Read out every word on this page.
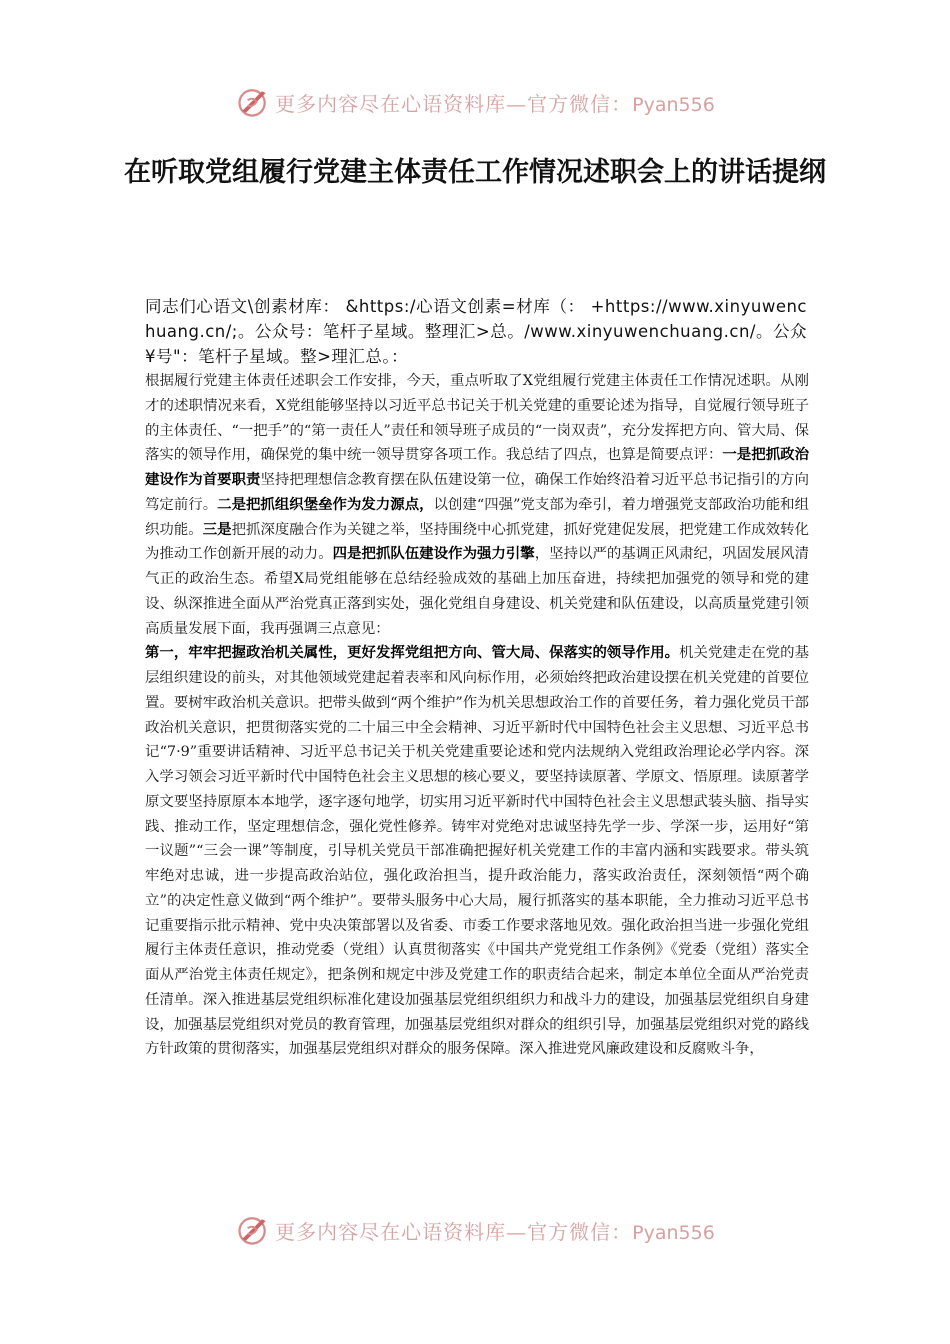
更多内容尽在心语资料库—官方微信：Pyan556
在听取党组履行党建主体责任工作情况述职会上的讲话提纲
同志们心语文\创素材库： &https:/心语文创素=材库（： +https://www.xinyuwenchuang.cn/;。公众号：笔杆子星域。整理汇>总。/www.xinyuwenchuang.cn/。公众¥号"：笔杆子星域。整>理汇总。：

根据履行党建主体责任述职会工作安排，今天，重点听取了X党组履行党建主体责任工作情况述职。从刚才的述职情况来看，X党组能够坚持以习近平总书记关于机关党建的重要论述为指导，自觉履行领导班子的主体责任、“一把手”的“第一责任人”责任和领导班子成员的“一岗双责”，充分发挥把方向、管大局、保落实的领导作用，确保党的集中统一领导贯穿各项工作。我总结了四点，也算是简要点评：一是把抓政治建设作为首要职责坚持把理想信念教育摆在队伍建设第一位，确保工作始终沿着习近平总书记指引的方向笃定前行。二是把抓组织堡垒作为发力源点，以创建“四强”党支部为牵引，着力增强党支部政治功能和组织功能。三是把抓深度融合作为关键之举，坚持围绕中心抓党建，抓好党建促发展，把党建工作成效转化为推动工作创新开展的动力。四是把抓队伍建设作为强力引擎，坚持以严的基调正风肃纪，巩固发展风清气正的政治生态。希望X局党组能够在总结经验成效的基础上加压奋进，持续把加强党的领导和党的建设、纵深推进全面从严治党真正落到实处，强化党组自身建设、机关党建和队伍建设，以高质量党建引领高质量发展下面，我再强调三点意见：

第一，牢牢把握政治机关属性，更好发挥党组把方向、管大局、保落实的领导作用。机关党建走在党的基层组织建设的前头，对其他领域党建起着表率和风向标作用，必须始终把政治建设摆在机关党建的首要位置。要树牢政治机关意识。把带头做到“两个维护”作为机关思想政治工作的首要任务，着力强化党员干部政治机关意识，把贯彻落实党的二十届三中全会精神、习近平新时代中国特色社会主义思想、习近平总书记“7·9”重要讲话精神、习近平总书记关于机关党建重要论述和党内法规纳入党组政治理论必学内容。深入学习领会习近平新时代中国特色社会主义思想的核心要义，要坚持读原著、学原文、悟原理。读原著学原文要坚持原原本本地学，逐字逐句地学，切实用习近平新时代中国特色社会主义思想武装头脑、指导实践、推动工作，坚定理想信念，强化党性修养。铸牢对党绝对忠诚坚持先学一步、学深一步，运用好“第一议题”“三会一课”等制度，引导机关党员干部准确把握好机关党建工作的丰富内涵和实践要求。带头筑牢绝对忠诚，进一步提高政治站位，强化政治担当，提升政治能力，落实政治责任，深刻领悟“两个确立”的决定性意义做到“两个维护”。要带头服务中心大局，履行抓落实的基本职能，全力推动习近平总书记重要指示批示精神、党中央决策部署以及省委、市委工作要求落地见效。强化政治担当进一步强化党组履行主体责任意识，推动党委（党组）认真贯彻落实《中国共产党党组工作条例》《党委（党组）落实全面从严治党主体责任规定》，把条例和规定中涉及党建工作的职责结合起来，制定本单位全面从严治党责任清单。深入推进基层党组织标准化建设加强基层党组织组织力和战斗力的建设，加强基层党组织自身建设，加强基层党组织对党员的教育管理，加强基层党组织对群众的组织引导，加强基层党组织对党的路线方针政策的贯彻落实，加强基层党组织对群众的服务保障。深入推进党风廉政建设和反腐败斗争，

更多内容尽在心语资料库—官方微信：Pyan556
